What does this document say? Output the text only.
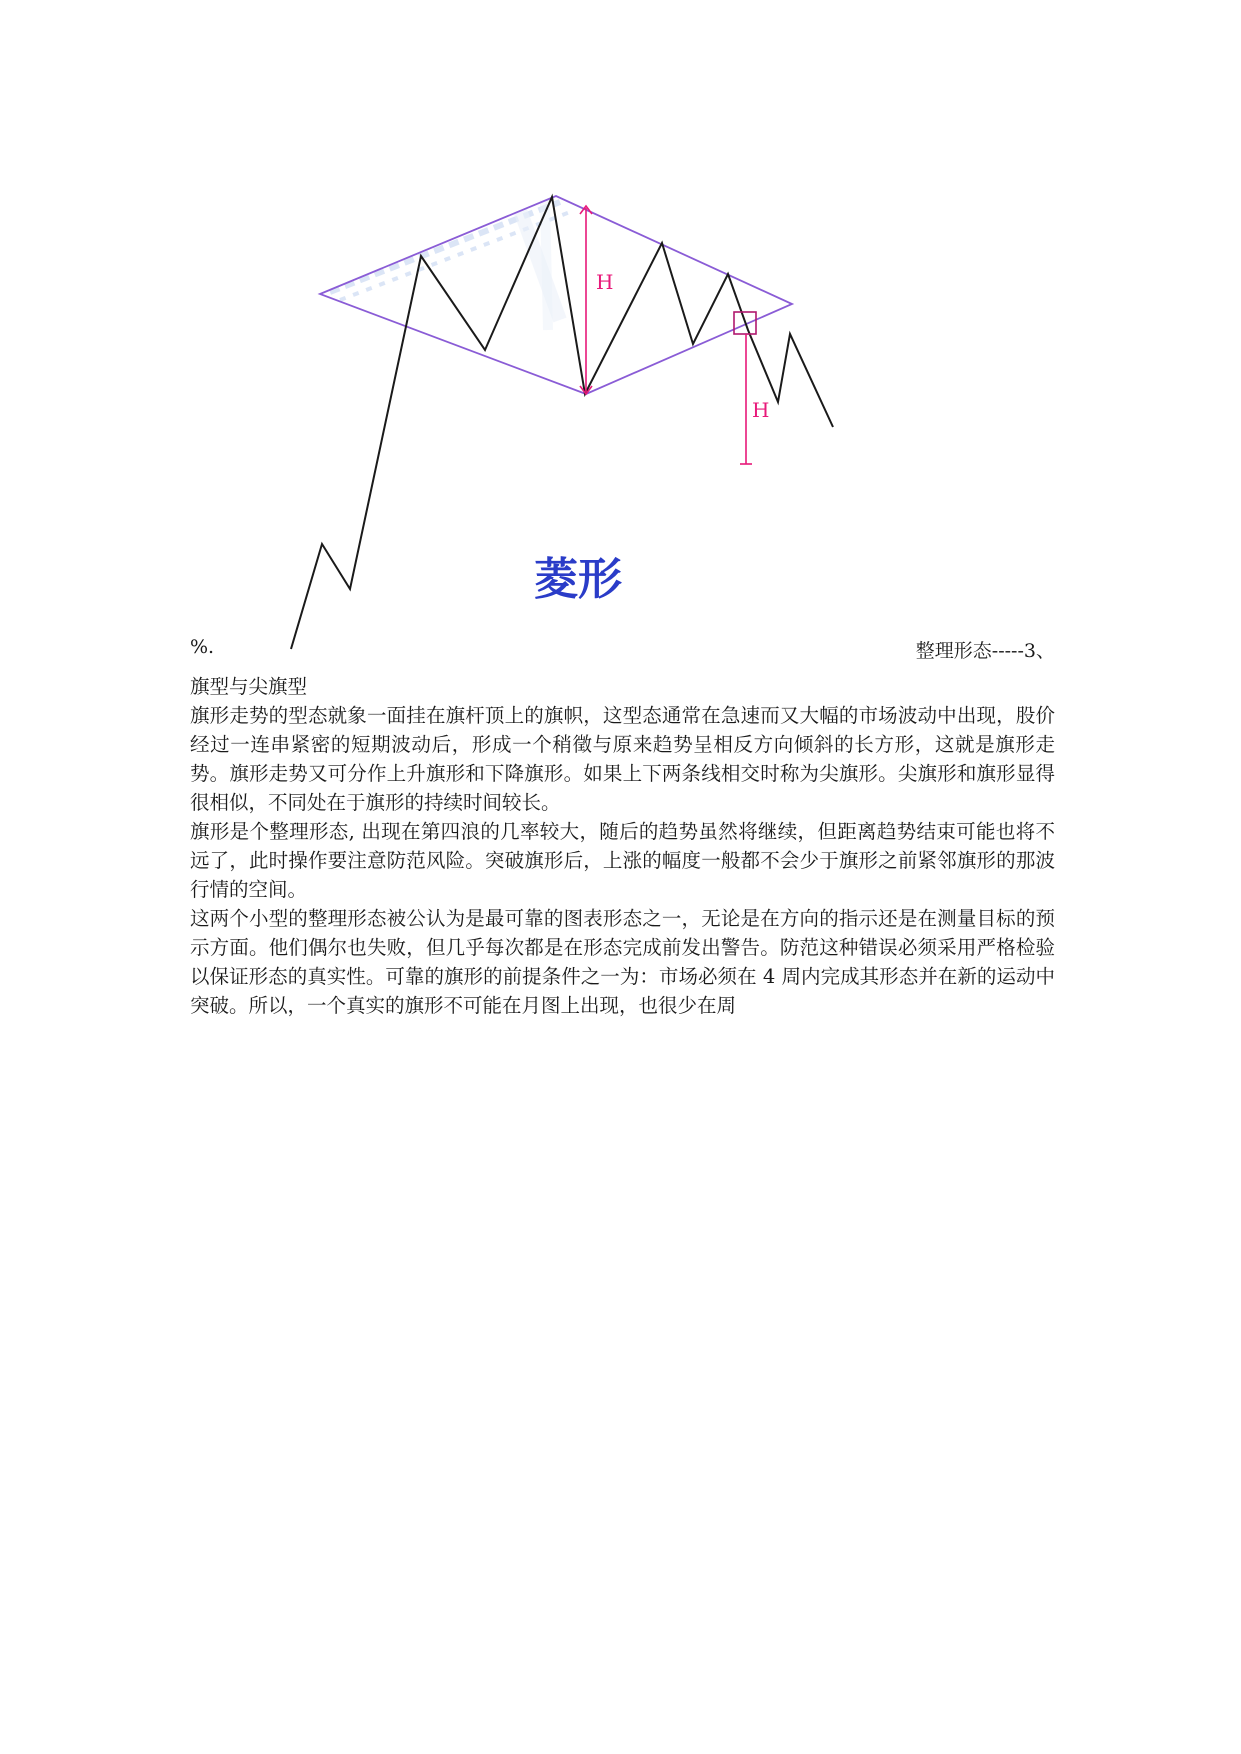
H
H
菱形
%.	整理形态-----3、

旗型与尖旗型

旗形走势的型态就象一面挂在旗杆顶上的旗帜，这型态通常在急速而又大幅的市场波动中出现，股价经过一连串紧密的短期波动后，形成一个稍徵与原来趋势呈相反方向倾斜的长方形，这就是旗形走势。旗形走势又可分作上升旗形和下降旗形。如果上下两条线相交时称为尖旗形。尖旗形和旗形显得很相似，不同处在于旗形的持续时间较长。

旗形是个整理形态, 出现在第四浪的几率较大，随后的趋势虽然将继续，但距离趋势结束可能也将不远了，此时操作要注意防范风险。突破旗形后，上涨的幅度一般都不会少于旗形之前紧邻旗形的那波行情的空间。

这两个小型的整理形态被公认为是最可靠的图表形态之一，无论是在方向的指示还是在测量目标的预示方面。他们偶尔也失败，但几乎每次都是在形态完成前发出警告。防范这种错误必须采用严格检验以保证形态的真实性。可靠的旗形的前提条件之一为：市场必须在 4 周内完成其形态并在新的运动中突破。所以，一个真实的旗形不可能在月图上出现，也很少在周
